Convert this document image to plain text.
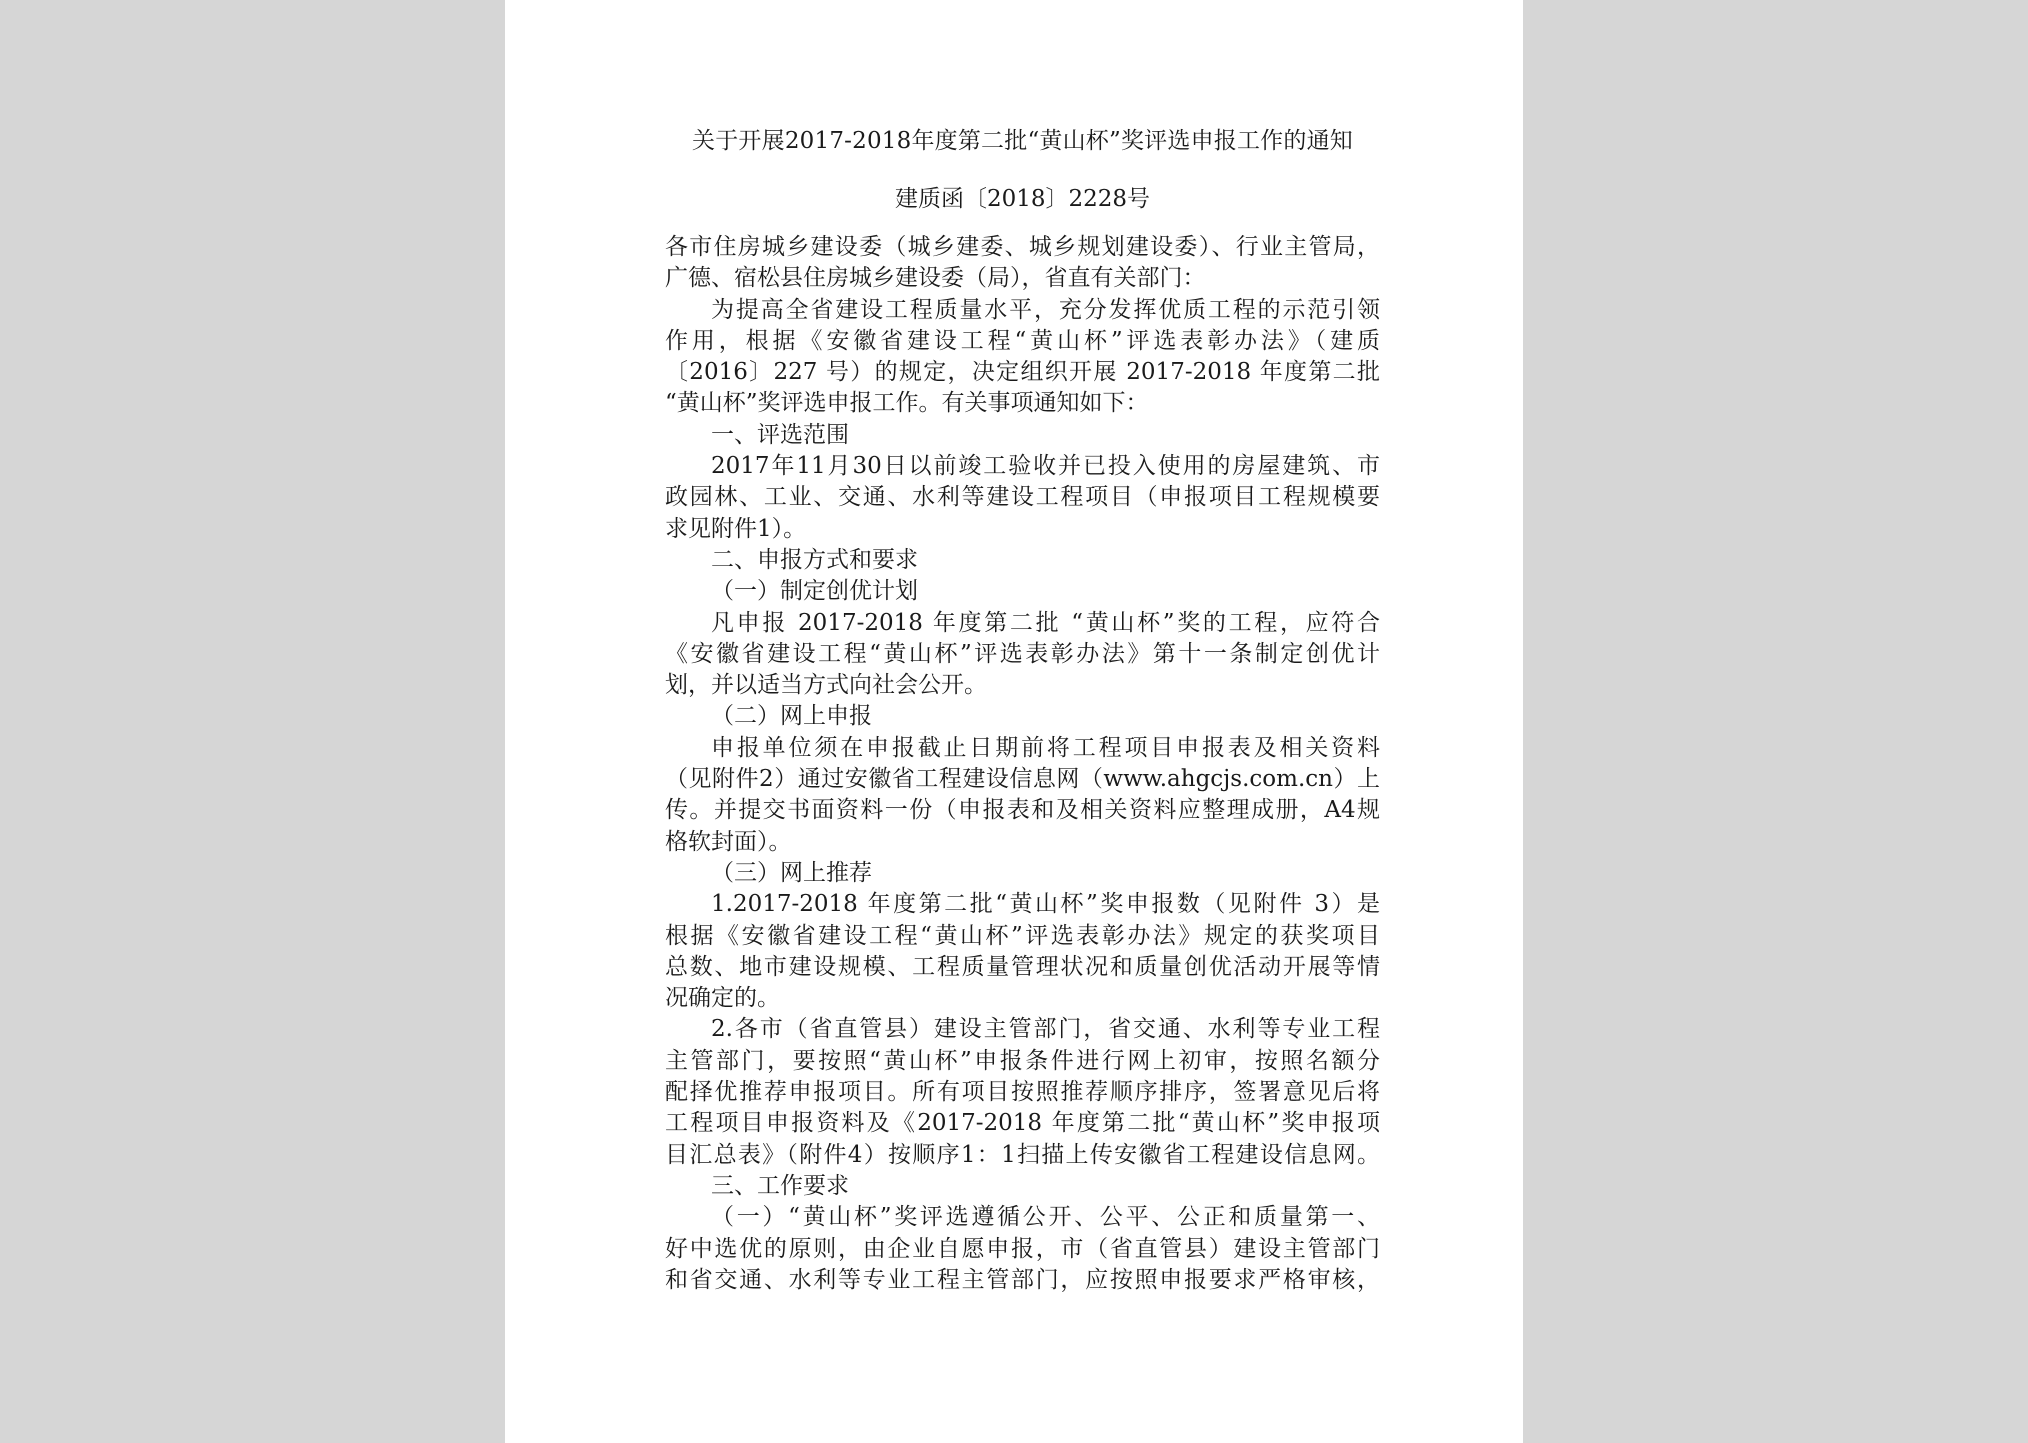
关于开展2017-2018年度第二批“黄山杯”奖评选申报工作的通知
建质函〔2018〕2228号
各市住房城乡建设委（城乡建委、城乡规划建设委）、行业主管局，
广德、宿松县住房城乡建设委（局），省直有关部门：
为提高全省建设工程质量水平，充分发挥优质工程的示范引领
作用，根据《安徽省建设工程“黄山杯”评选表彰办法》（建质
〔2016〕227 号）的规定，决定组织开展 2017-2018 年度第二批
“黄山杯”奖评选申报工作。有关事项通知如下：
一、评选范围
2017年11月30日以前竣工验收并已投入使用的房屋建筑、市
政园林、工业、交通、水利等建设工程项目（申报项目工程规模要
求见附件1）。
二、申报方式和要求
（一）制定创优计划
凡申报 2017-2018 年度第二批 “黄山杯”奖的工程，应符合
《安徽省建设工程“黄山杯”评选表彰办法》第十一条制定创优计
划，并以适当方式向社会公开。
（二）网上申报
申报单位须在申报截止日期前将工程项目申报表及相关资料
（见附件2）通过安徽省工程建设信息网（www.ahgcjs.com.cn）上
传。并提交书面资料一份（申报表和及相关资料应整理成册，A4规
格软封面）。
（三）网上推荐
1.2017-2018 年度第二批“黄山杯”奖申报数（见附件 3）是
根据《安徽省建设工程“黄山杯”评选表彰办法》规定的获奖项目
总数、地市建设规模、工程质量管理状况和质量创优活动开展等情
况确定的。
2.各市（省直管县）建设主管部门，省交通、水利等专业工程
主管部门，要按照“黄山杯”申报条件进行网上初审，按照名额分
配择优推荐申报项目。所有项目按照推荐顺序排序，签署意见后将
工程项目申报资料及《2017-2018 年度第二批“黄山杯”奖申报项
目汇总表》（附件4）按顺序1：1扫描上传安徽省工程建设信息网。
三、工作要求
（一）“黄山杯”奖评选遵循公开、公平、公正和质量第一、
好中选优的原则，由企业自愿申报，市（省直管县）建设主管部门
和省交通、水利等专业工程主管部门，应按照申报要求严格审核，
